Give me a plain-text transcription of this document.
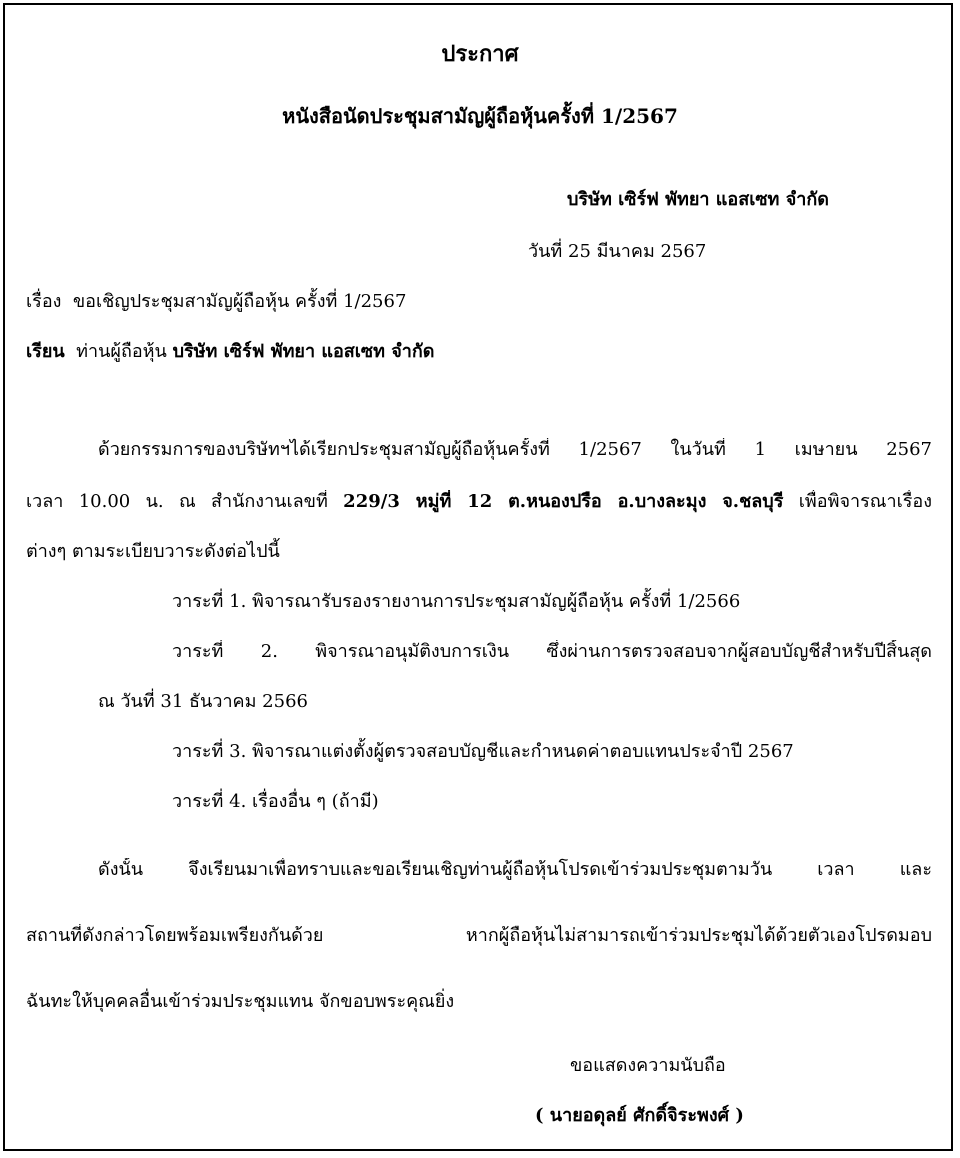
ประกาศ
หนังสือนัดประชุมสามัญผู้ถือหุ้นครั้งที่ 1/2567
บริษัท เซิร์ฟ พัทยา แอสเซท จำกัด
วันที่ 25 มีนาคม 2567
เรื่อง ขอเชิญประชุมสามัญผู้ถือหุ้น ครั้งที่ 1/2567
เรียน ท่านผู้ถือหุ้น บริษัท เซิร์ฟ พัทยา แอสเซท จำกัด
ด้วยกรรมการของบริษัทฯได้เรียกประชุมสามัญผู้ถือหุ้นครั้งที่ 1/2567 ในวันที่ 1 เมษายน 2567
เวลา 10.00 น. ณ สำนักงานเลขที่ 229/3 หมู่ที่ 12 ต.หนองปรือ อ.บางละมุง จ.ชลบุรี เพื่อพิจารณาเรื่อง
ต่างๆ ตามระเบียบวาระดังต่อไปนี้
วาระที่ 1. พิจารณารับรองรายงานการประชุมสามัญผู้ถือหุ้น ครั้งที่ 1/2566
วาระที่ 2. พิจารณาอนุมัติงบการเงิน ซึ่งผ่านการตรวจสอบจากผู้สอบบัญชีสำหรับปีสิ้นสุด
ณ วันที่ 31 ธันวาคม 2566
วาระที่ 3. พิจารณาแต่งตั้งผู้ตรวจสอบบัญชีและกำหนดค่าตอบแทนประจำปี 2567
วาระที่ 4. เรื่องอื่น ๆ (ถ้ามี)
ดังนั้น จึงเรียนมาเพื่อทราบและขอเรียนเชิญท่านผู้ถือหุ้นโปรดเข้าร่วมประชุมตามวัน เวลา และ
สถานที่ดังกล่าวโดยพร้อมเพรียงกันด้วย หากผู้ถือหุ้นไม่สามารถเข้าร่วมประชุมได้ด้วยตัวเองโปรดมอบ
ฉันทะให้บุคคลอื่นเข้าร่วมประชุมแทน จักขอบพระคุณยิ่ง
ขอแสดงความนับถือ
( นายอดุลย์ ศักดิ์จิระพงศ์ )
